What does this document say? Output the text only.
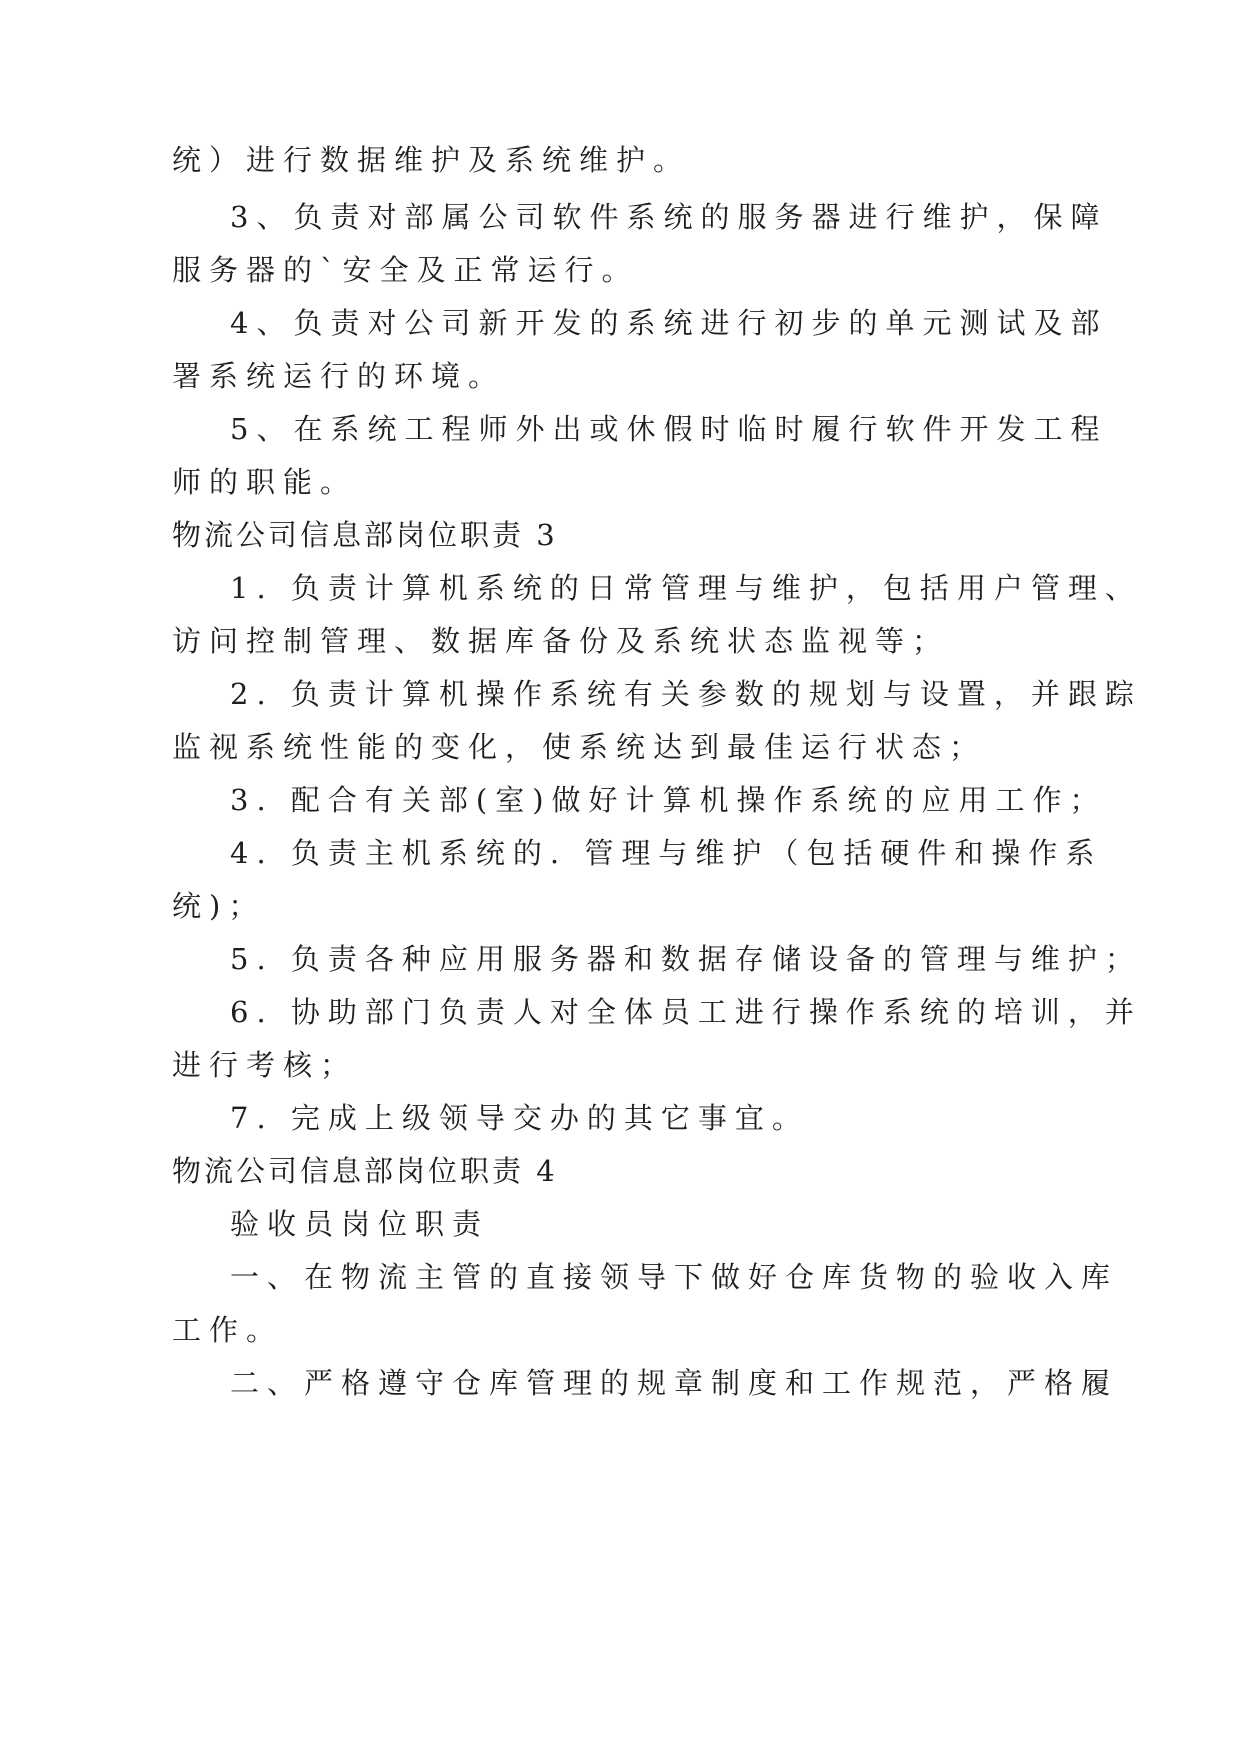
统）进行数据维护及系统维护。

3、负责对部属公司软件系统的服务器进行维护，保障

服务器的`安全及正常运行。

4、负责对公司新开发的系统进行初步的单元测试及部

署系统运行的环境。

5、在系统工程师外出或休假时临时履行软件开发工程

师的职能。

物流公司信息部岗位职责 3

1. 负责计算机系统的日常管理与维护，包括用户管理、

访问控制管理、数据库备份及系统状态监视等；

2. 负责计算机操作系统有关参数的规划与设置，并跟踪

监视系统性能的变化，使系统达到最佳运行状态；

3. 配合有关部(室)做好计算机操作系统的应用工作；

4. 负责主机系统的. 管理与维护（包括硬件和操作系

统)；

5. 负责各种应用服务器和数据存储设备的管理与维护；

6. 协助部门负责人对全体员工进行操作系统的培训，并

进行考核；

7. 完成上级领导交办的其它事宜。

物流公司信息部岗位职责 4

验收员岗位职责

一、在物流主管的直接领导下做好仓库货物的验收入库

工作。

二、严格遵守仓库管理的规章制度和工作规范，严格履
